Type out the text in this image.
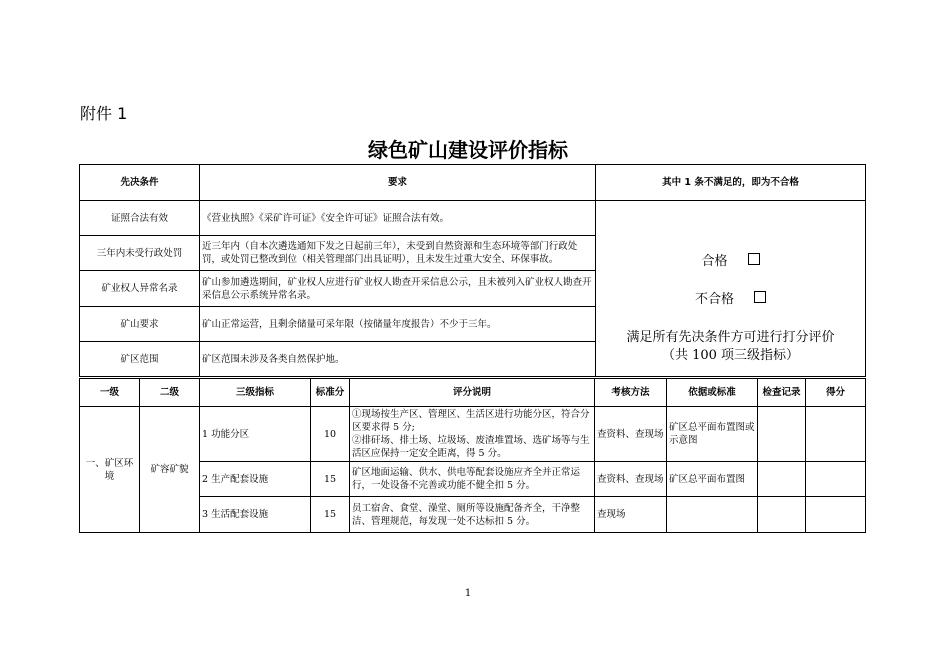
附件 1
绿色矿山建设评价指标
先决条件	要求	其中 1 条不满足的，即为不合格
证照合法有效	《营业执照》《采矿许可证》《安全许可证》证照合法有效。	合格
不合格
满足所有先决条件方可进行打分评价
（共 100 项三级指标）

三年内未受行政处罚	近三年内（自本次遴选通知下发之日起前三年），未受到自然资源和生态环境等部门行政处罚，或处罚已整改到位（相关管理部门出具证明），且未发生过重大安全、环保事故。	
矿业权人异常名录	矿山参加遴选期间，矿业权人应进行矿业权人勘查开采信息公示，且未被列入矿业权人勘查开采信息公示系统异常名录。	
矿山要求	矿山正常运营，且剩余储量可采年限（按储量年度报告）不少于三年。	
矿区范围	矿区范围未涉及各类自然保护地。	
一级	二级	三级指标	标准分	评分说明	考核方法	依据或标准	检查记录	得分
一、矿区环境	矿容矿貌	1 功能分区	10	①现场按生产区、管理区、生活区进行功能分区，符合分区要求得 5 分;
②排矸场、排土场、垃圾场、废渣堆置场、选矿场等与生活区应保持一定安全距离，得 5 分。	查资料、查现场	矿区总平面布置图或示意图		
		2 生产配套设施	15	矿区地面运输、供水、供电等配套设施应齐全并正常运行，一处设备不完善或功能不健全扣 5 分。	查资料、查现场	矿区总平面布置图		
		3 生活配套设施	15	员工宿舍、食堂、澡堂、厕所等设施配备齐全，干净整洁、管理规范，每发现一处不达标扣 5 分。	查现场			
1
